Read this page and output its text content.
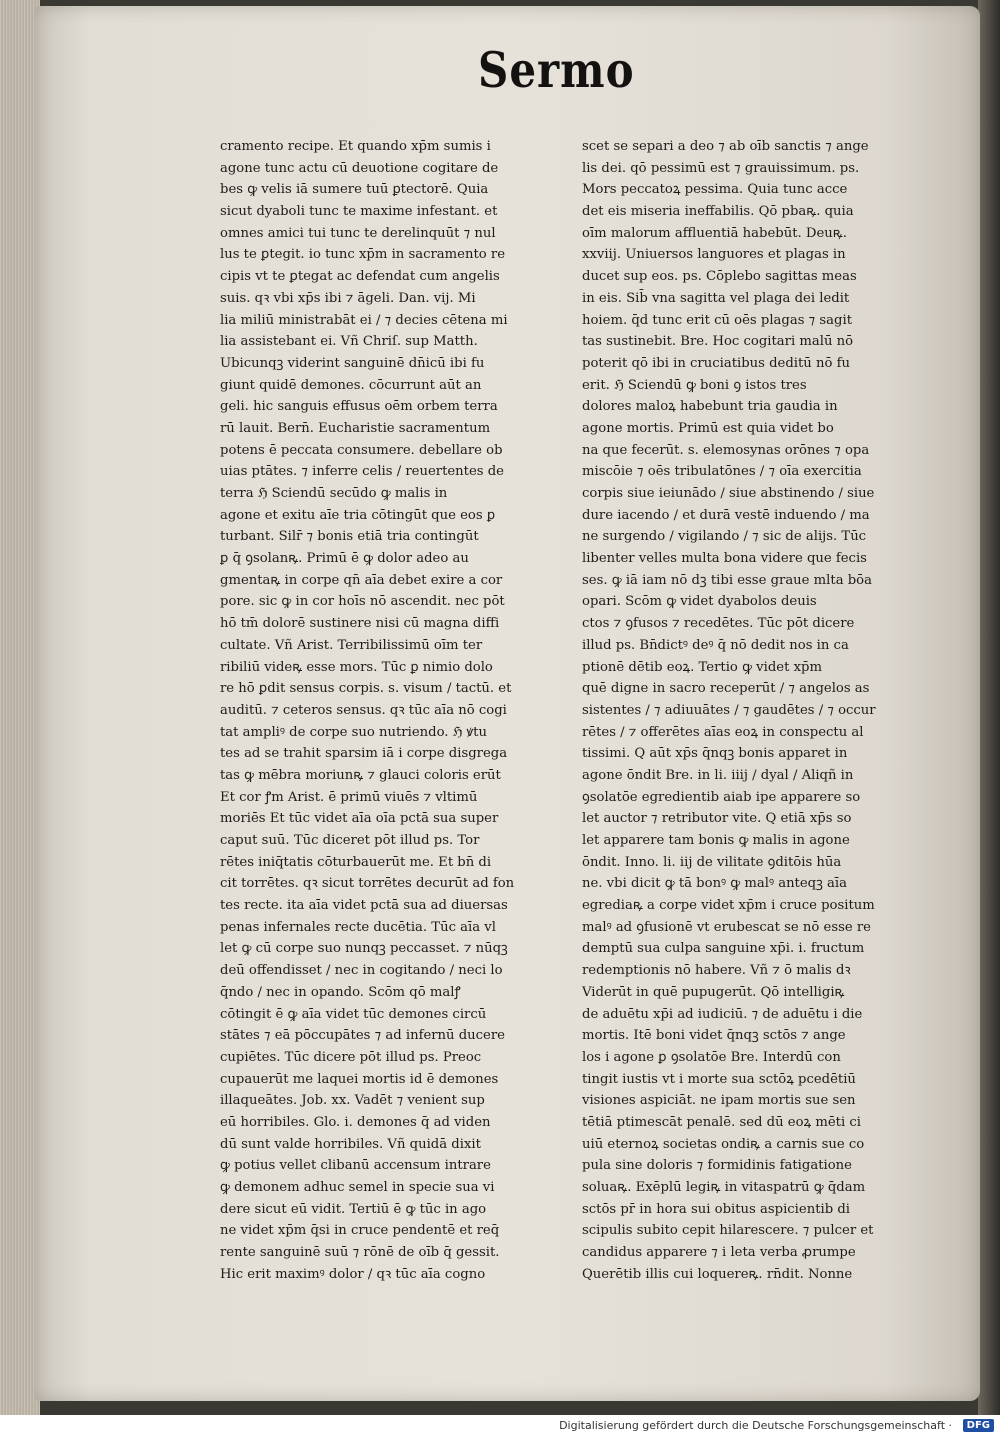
Sermo
cramento recipe. Et quando xp̄m sumis i
agone tunc actu cū deuotione cogitare de
bes ꝙ velis iā sumere tuū ꝑtectorē. Quia
sicut dyaboli tunc te maxime infestant. et
omnes amici tui tunc te derelinquūt ⁊ nul
lus te ꝑtegit. io tunc xp̄m in sacramento re
cipis vt te ꝑtegat ac defendat cum angelis
suis. qꝛ vbi xp̄s ibi ⁊ āgeli. Dan. vij. Mi
lia miliū ministrabāt ei / ⁊ decies cētena mi
lia assistebant ei. Vñ Chriſ. sup Matth.
Ubicunqꝫ viderint sanguinē dn̄icū ibi fu
giunt quidē demones. cōcurrunt aūt an
geli. hic sanguis effusus oēm orbem terra
rū lauit. Bern̄. Eucharistie sacramentum
potens ē peccata consumere. debellare ob
uias ptātes. ⁊ inferre celis / reuertentes de
terra ℌ Sciendū secūdo ꝙ malis in
agone et exitu aīe tria cōtingūt que eos ꝑ
turbant. Silr̄ ⁊ bonis etiā tria contingūt
ꝑ q̄ ꝯsolanꝶ. Primū ē ꝙ dolor adeo au
gmentaꝶ in corpe qn̄ aīa debet exire a cor
pore. sic ꝙ in cor hoīs nō ascendit. nec pōt
hō tm̄ dolorē sustinere nisi cū magna diffi
cultate. Vñ Arist. Terribilissimū oīm ter
ribiliū videꝶ esse mors. Tūc ꝑ nimio dolo
re hō ꝑdit sensus corpis. s. visum / tactū. et
auditū. ⁊ ceteros sensus. qꝛ tūc aīa nō cogi
tat ampliꝰ de corpe suo nutriendo. ℌ ꝟtu
tes ad se trahit sparsim iā i corpe disgrega
tas ꝙ mēbra moriunꝶ ⁊ glauci coloris erūt
Et cor ꝭm Arist. ē primū viuēs ⁊ vltimū
moriēs Et tūc videt aīa oīa pctā sua super
caput suū. Tūc diceret pōt illud ps. Tor
rētes iniq̄tatis cōturbauerūt me. Et bn̄ di
cit torrētes. qꝛ sicut torrētes decurūt ad fon
tes recte. ita aīa videt pctā sua ad diuersas
penas infernales recte ducētia. Tūc aīa vl
let ꝙ cū corpe suo nunqꝫ peccasset. ⁊ nūqꝫ
deū offendisset / nec in cogitando / neci lo
q̄ndo / nec in opando. Scōm qō malꝭ
cōtingit ē ꝙ aīa videt tūc demones circū
stātes ⁊ eā pōccupātes ⁊ ad infernū ducere
cupiētes. Tūc dicere pōt illud ps. Preoc
cupauerūt me laquei mortis id ē demones
illaqueātes. Job. xx. Vadēt ⁊ venient sup
eū horribiles. Glo. i. demones q̄ ad viden
dū sunt valde horribiles. Vñ quidā dixit
ꝙ potius vellet clibanū accensum intrare
ꝙ demonem adhuc semel in specie sua vi
dere sicut eū vidit. Tertiū ē ꝙ tūc in ago
ne videt xp̄m q̄si in cruce pendentē et req̄
rente sanguinē suū ⁊ rōnē de oīb q̄ gessit.
Hic erit maximꝰ dolor / qꝛ tūc aīa cogno
scet se separi a deo ⁊ ab oīb sanctis ⁊ ange
lis dei. qō pessimū est ⁊ grauissimum. ps.
Mors peccatoꝝ pessima. Quia tunc acce
det eis miseria ineffabilis. Qō pbaꝶ. quia
oīm malorum affluentiā habebūt. Deuꝶ.
xxviij. Uniuersos languores et plagas in
ducet sup eos. ps. Cōplebo sagittas meas
in eis. Sib̄ vna sagitta vel plaga dei ledit
hoiem. q̄d tunc erit cū oēs plagas ⁊ sagit
tas sustinebit. Bre. Hoc cogitari malū nō
poterit qō ibi in cruciatibus deditū nō fu
erit. ℌ Sciendū ꝙ boni ꝯ istos tres
dolores maloꝝ habebunt tria gaudia in
agone mortis. Primū est quia videt bo
na que fecerūt. s. elemosynas orōnes ⁊ opa
miscōie ⁊ oēs tribulatōnes / ⁊ oīa exercitia
corpis siue ieiunādo / siue abstinendo / siue
dure iacendo / et durā vestē induendo / ma
ne surgendo / vigilando / ⁊ sic de alijs. Tūc
libenter velles multa bona videre que fecis
ses. ꝙ iā iam nō dꝫ tibi esse graue mlta bōa
opari. Scōm ꝙ videt dyabolos deuis
ctos ⁊ ꝯfusos ⁊ recedētes. Tūc pōt dicere
illud ps. Bn̄dictꝰ deꝰ q̄ nō dedit nos in ca
ptionē dētib eoꝝ. Tertio ꝙ videt xp̄m
quē digne in sacro receperūt / ⁊ angelos as
sistentes / ⁊ adiuuātes / ⁊ gaudētes / ⁊ occur
rētes / ⁊ offerētes aīas eoꝝ in conspectu al
tissimi. Q aūt xp̄s q̄nqꝫ bonis apparet in
agone ōndit Bre. in li. iiij / dyal / Aliqñ in
ꝯsolatōe egredientib aiab ipe apparere so
let auctor ⁊ retributor vite. Q etiā xp̄s so
let apparere tam bonis ꝙ malis in agone
ōndit. Inno. li. iij de vilitate ꝯditōis hūa
ne. vbi dicit ꝙ tā bonꝰ ꝙ malꝰ anteqꝫ aīa
egrediaꝶ a corpe videt xp̄m i cruce positum
malꝰ ad ꝯfusionē vt erubescat se nō esse re
demptū sua culpa sanguine xp̄i. i. fructum
redemptionis nō habere. Vñ ⁊ ō malis dꝛ
Viderūt in quē pupugerūt. Qō intelligiꝶ
de aduētu xp̄i ad iudiciū. ⁊ de aduētu i die
mortis. Itē boni videt q̄nqꝫ sctōs ⁊ ange
los i agone ꝑ ꝯsolatōe Bre. Interdū con
tingit iustis vt i morte sua sctōꝝ pcedētiū
visiones aspiciāt. ne ipam mortis sue sen
tētiā ptimescāt penalē. sed dū eoꝝ mēti ci
uiū eternoꝝ societas ondiꝶ a carnis sue co
pula sine doloris ⁊ formidinis fatigatione
soluaꝶ. Exēplū legiꝶ in vitaspatrū ꝙ q̄dam
sctōs pr̄ in hora sui obitus aspicientib di
scipulis subito cepit hilarescere. ⁊ pulcer et
candidus apparere ⁊ i leta verba ꝓrumpe
Querētib illis cui loquereꝶ. rn̄dit. Nonne
Digitalisierung gefördert durch die Deutsche Forschungsgemeinschaft ·	DFG
